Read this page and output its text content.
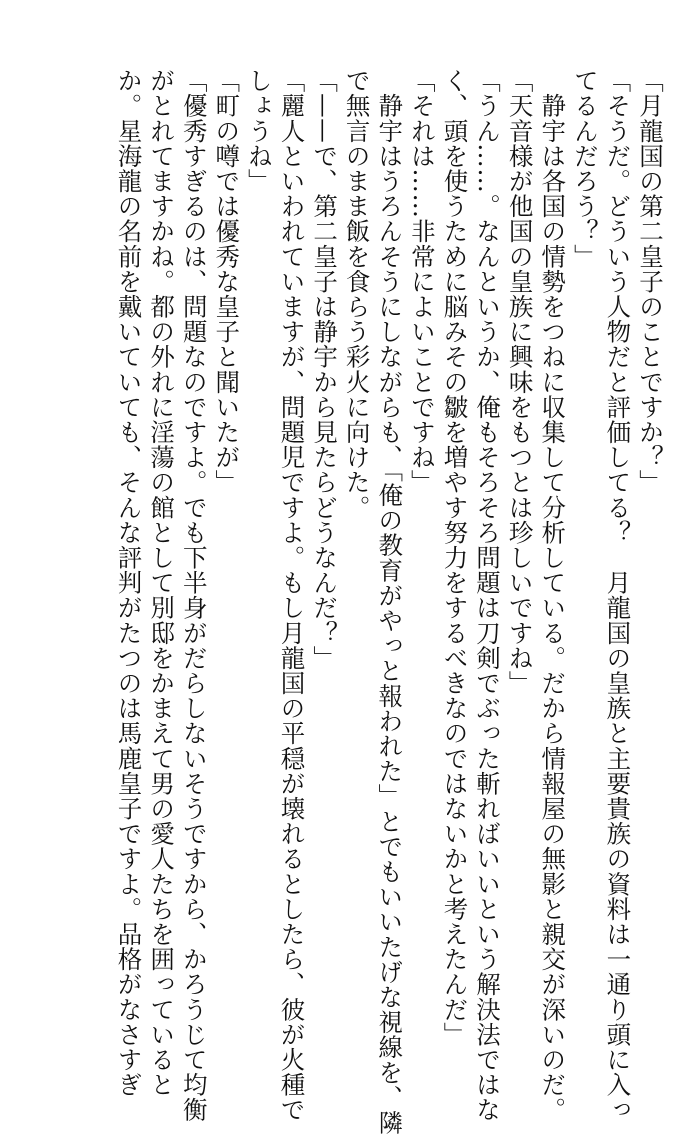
「月龍国の第二皇子のことですか？」
「そうだ。どういう人物だと評価してる？　月龍国の皇族と主要貴族の資料は一通り頭に入っ
てるんだろう？」
　静宇は各国の情勢をつねに収集して分析している。だから情報屋の無影と親交が深いのだ。
「天音様が他国の皇族に興味をもつとは珍しいですね」
「うん……。なんというか、俺もそろそろ問題は刀剣でぶった斬ればいいという解決法ではな
く、頭を使うために脳みその皺を増やす努力をするべきなのではないかと考えたんだ」
「それは……非常によいことですね」
　静宇はうろんそうにしながらも、「俺の教育がやっと報われた」とでもいいたげな視線を、隣
で無言のまま飯を食らう彩火に向けた。
「——で、第二皇子は静宇から見たらどうなんだ？」
「麗人といわれていますが、問題児ですよ。もし月龍国の平穏が壊れるとしたら、彼が火種で
しょうね」
「町の噂では優秀な皇子と聞いたが」
「優秀すぎるのは、問題なのですよ。でも下半身がだらしないそうですから、かろうじて均衡
がとれてますかね。都の外れに淫蕩の館として別邸をかまえて男の愛人たちを囲っていると
か。星海龍の名前を戴いていても、そんな評判がたつのは馬鹿皇子ですよ。品格がなさすぎ
